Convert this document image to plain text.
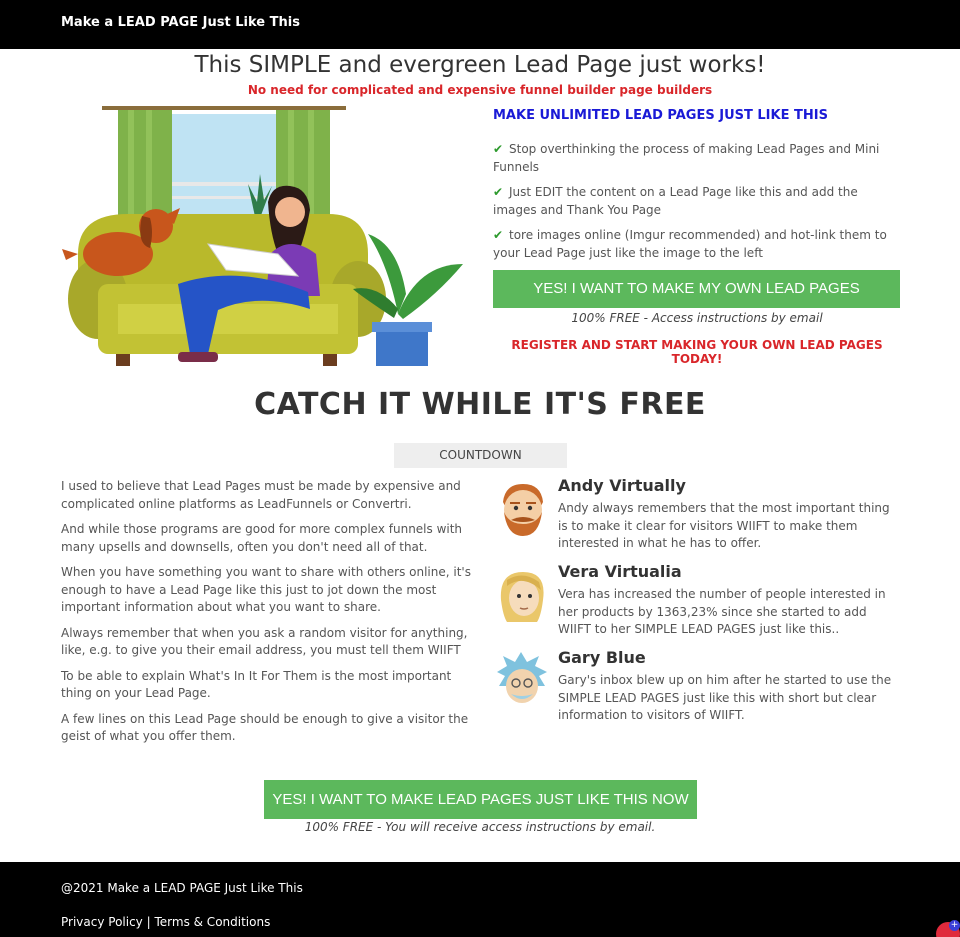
Make a LEAD PAGE Just Like This
This SIMPLE and evergreen Lead Page just works!
No need for complicated and expensive funnel builder page builders
MAKE UNLIMITED LEAD PAGES JUST LIKE THIS
✔ Stop overthinking the process of making Lead Pages and Mini Funnels
✔ Just EDIT the content on a Lead Page like this and add the images and Thank You Page
✔ tore images online (Imgur recommended) and hot-link them to your Lead Page just like the image to the left
YES! I WANT TO MAKE MY OWN LEAD PAGES
100% FREE - Access instructions by email
REGISTER AND START MAKING YOUR OWN LEAD PAGES TODAY!
CATCH IT WHILE IT'S FREE
COUNTDOWN

I used to believe that Lead Pages must be made by expensive and complicated online platforms as LeadFunnels or Convertri.

And while those programs are good for more complex funnels with many upsells and downsells, often you don't need all of that.

When you have something you want to share with others online, it's enough to have a Lead Page like this just to jot down the most important information about what you want to share.

Always remember that when you ask a random visitor for anything, like, e.g. to give you their email address, you must tell them WIIFT

To be able to explain What's In It For Them is the most important thing on your Lead Page.

A few lines on this Lead Page should be enough to give a visitor the geist of what you offer them.

Andy Virtually
Andy always remembers that the most important thing is to make it clear for visitors WIIFT to make them interested in what he has to offer.
Vera Virtualia
Vera has increased the number of people interested in her products by 1363,23% since she started to add WIIFT to her SIMPLE LEAD PAGES just like this..
Gary Blue
Gary's inbox blew up on him after he started to use the SIMPLE LEAD PAGES just like this with short but clear information to visitors of WIIFT.
YES! I WANT TO MAKE LEAD PAGES JUST LIKE THIS NOW
100% FREE - You will receive access instructions by email.
@2021 Make a LEAD PAGE Just Like This
Privacy Policy | Terms & Conditions	+
